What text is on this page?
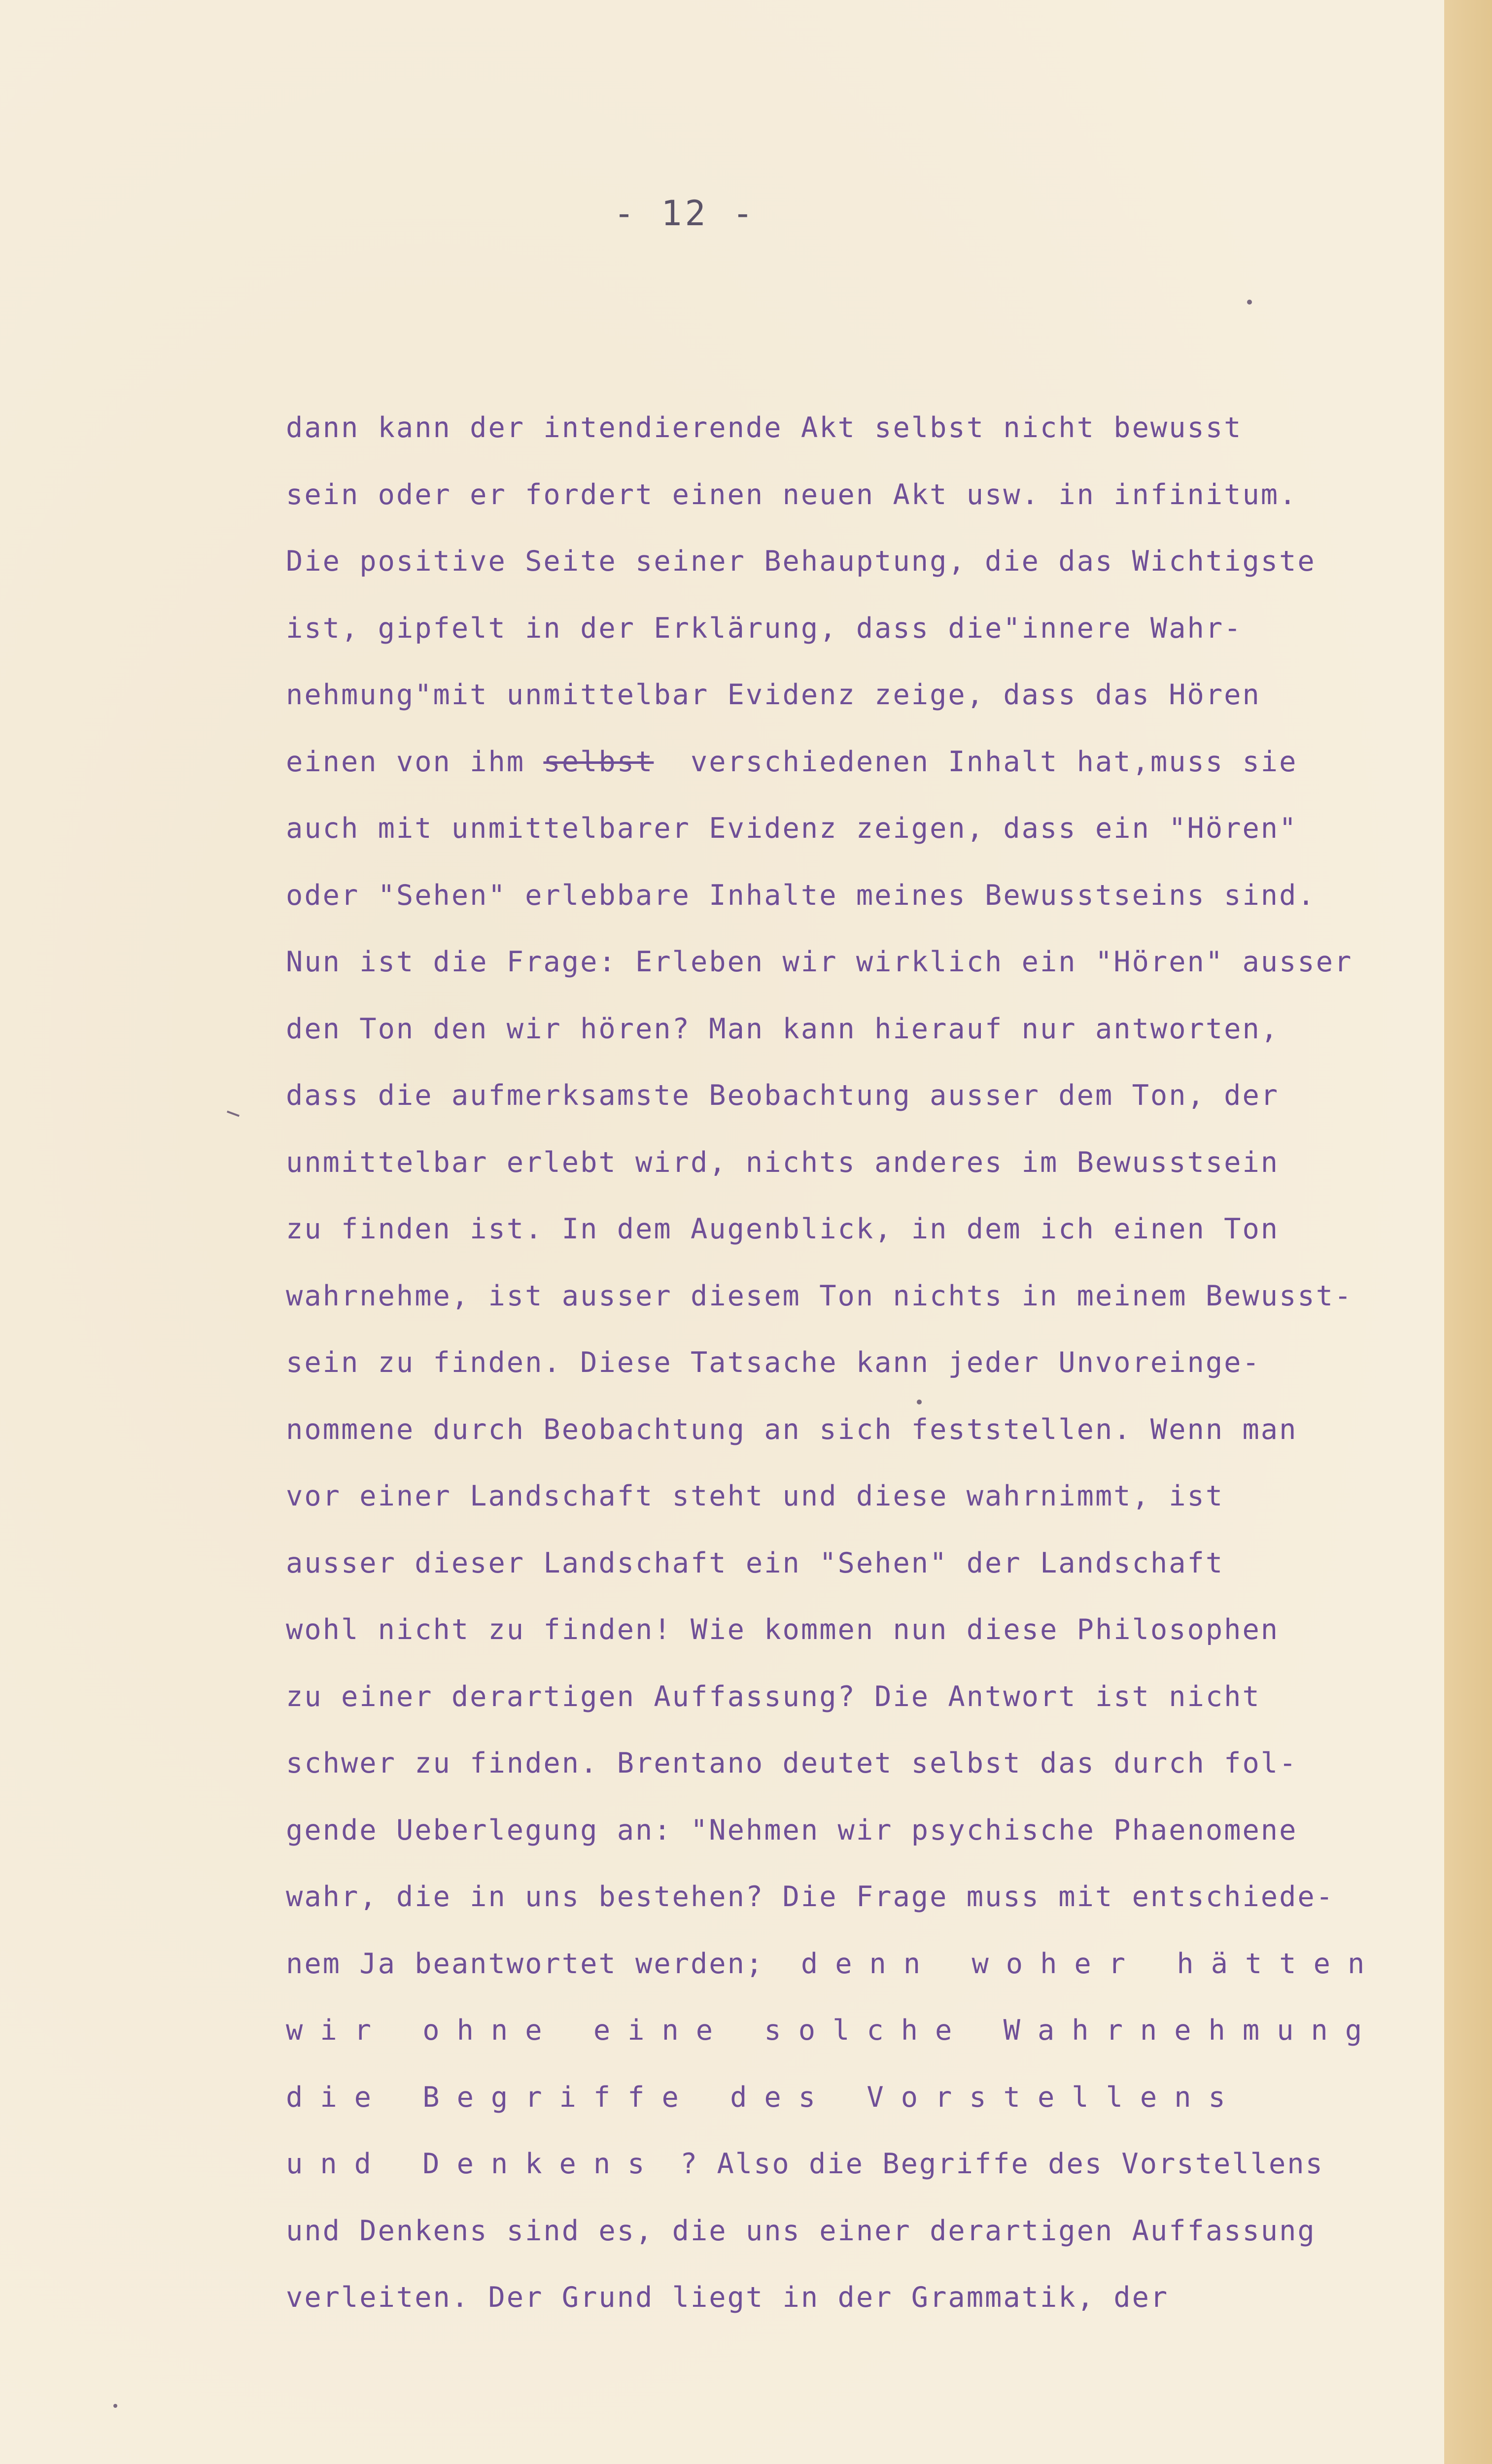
- 12 -
dann kann der intendierende Akt selbst nicht bewusst
sein oder er fordert einen neuen Akt usw. in infinitum.
Die positive Seite seiner Behauptung, die das Wichtigste
ist, gipfelt in der Erklärung, dass die"innere Wahr-
nehmung"mit unmittelbar Evidenz zeige, dass das Hören
einen von ihm selbst  verschiedenen Inhalt hat,muss sie
auch mit unmittelbarer Evidenz zeigen, dass ein "Hören"
oder "Sehen" erlebbare Inhalte meines Bewusstseins sind.
Nun ist die Frage: Erleben wir wirklich ein "Hören" ausser
den Ton den wir hören? Man kann hierauf nur antworten,
dass die aufmerksamste Beobachtung ausser dem Ton, der
unmittelbar erlebt wird, nichts anderes im Bewusstsein
zu finden ist. In dem Augenblick, in dem ich einen Ton
wahrnehme, ist ausser diesem Ton nichts in meinem Bewusst-
sein zu finden. Diese Tatsache kann jeder Unvoreinge-
nommene durch Beobachtung an sich feststellen. Wenn man
vor einer Landschaft steht und diese wahrnimmt, ist
ausser dieser Landschaft ein "Sehen" der Landschaft
wohl nicht zu finden! Wie kommen nun diese Philosophen
zu einer derartigen Auffassung? Die Antwort ist nicht
schwer zu finden. Brentano deutet selbst das durch fol-
gende Ueberlegung an: "Nehmen wir psychische Phaenomene
wahr, die in uns bestehen? Die Frage muss mit entschiede-
nem Ja beantwortet werden;  denn woher hätten
wir ohne eine solche Wahrnehmung
die Begriffe des Vorstellens
und Denkens ? Also die Begriffe des Vorstellens
und Denkens sind es, die uns einer derartigen Auffassung
verleiten. Der Grund liegt in der Grammatik, der
